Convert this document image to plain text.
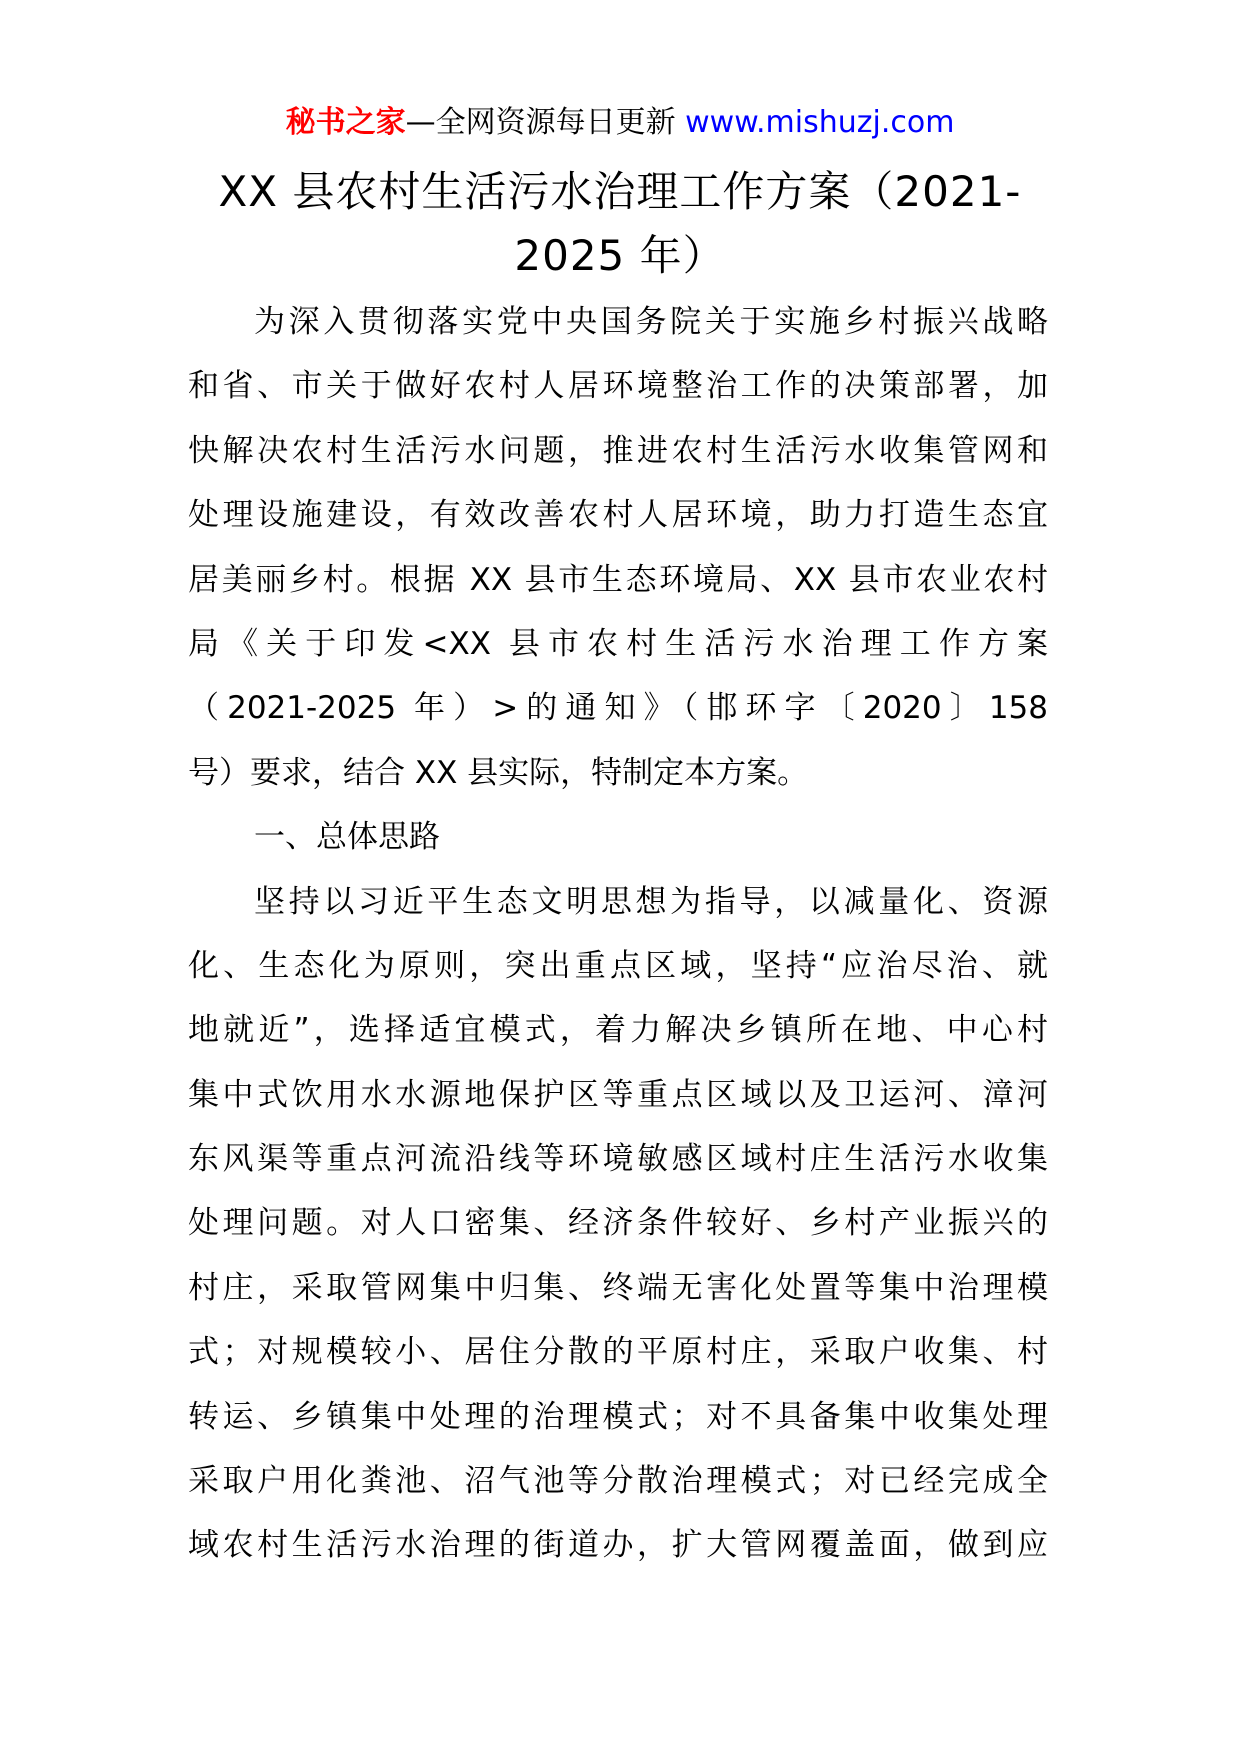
秘书之家—全网资源每日更新 www.mishuzj.com
XX 县农村生活污水治理工作方案（2021-
2025 年）
为深入贯彻落实党中央国务院关于实施乡村振兴战略
和省、市关于做好农村人居环境整治工作的决策部署，加
快解决农村生活污水问题，推进农村生活污水收集管网和
处理设施建设，有效改善农村人居环境，助力打造生态宜
居美丽乡村。根据 XX 县市生态环境局、XX 县市农业农村
局《关于印发<XX 县市农村生活污水治理工作方案
（2021-2025 年）>的通知》（邯环字〔2020〕158
号）要求，结合 XX 县实际，特制定本方案。
一、总体思路
坚持以习近平生态文明思想为指导，以减量化、资源
化、生态化为原则，突出重点区域，坚持“应治尽治、就
地就近”，选择适宜模式，着力解决乡镇所在地、中心村
集中式饮用水水源地保护区等重点区域以及卫运河、漳河
东风渠等重点河流沿线等环境敏感区域村庄生活污水收集
处理问题。对人口密集、经济条件较好、乡村产业振兴的
村庄，采取管网集中归集、终端无害化处置等集中治理模
式；对规模较小、居住分散的平原村庄，采取户收集、村
转运、乡镇集中处理的治理模式；对不具备集中收集处理
采取户用化粪池、沼气池等分散治理模式；对已经完成全
域农村生活污水治理的街道办，扩大管网覆盖面，做到应
